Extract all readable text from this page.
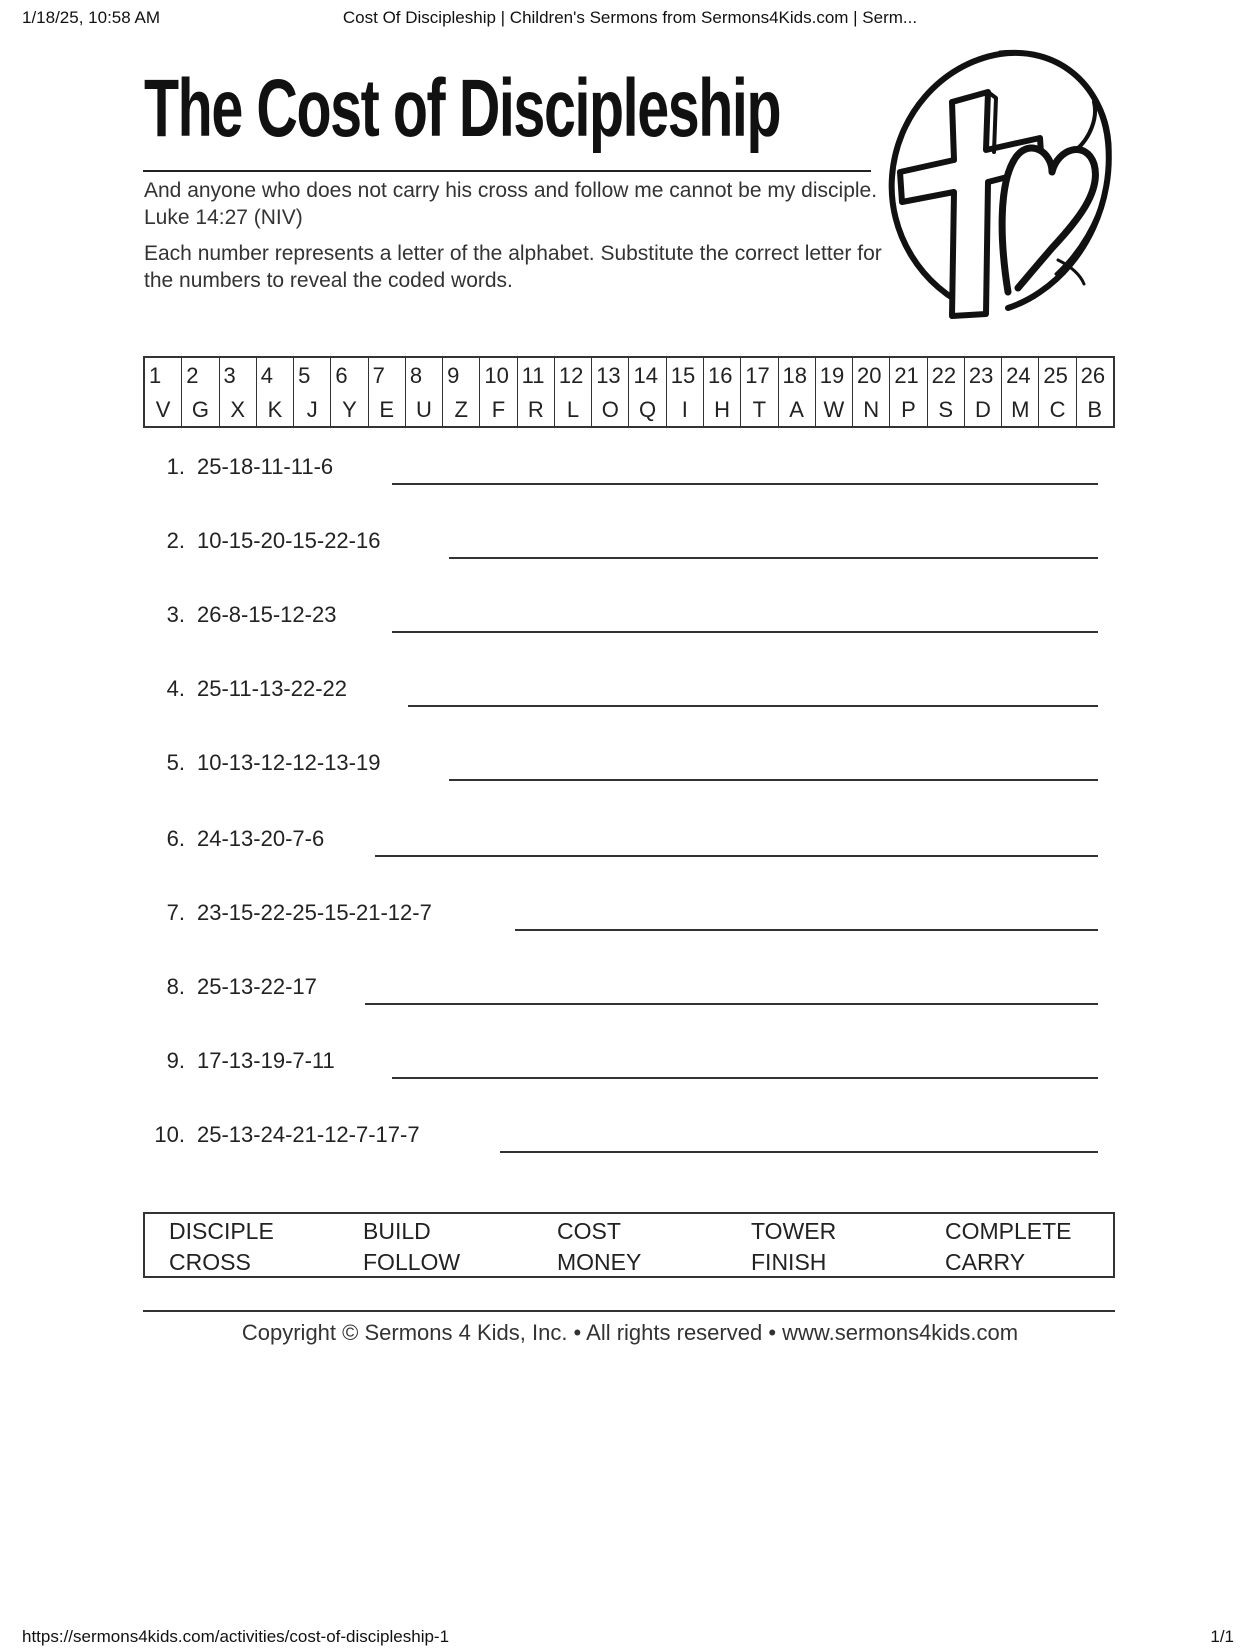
1/18/25, 10:58 AM	Cost Of Discipleship | Children's Sermons from Sermons4Kids.com | Serm...
The Cost of Discipleship
And anyone who does not carry his cross and follow me cannot be my disciple. Luke 14:27 (NIV)
Each number represents a letter of the alphabet. Substitute the correct letter for the numbers to reveal the coded words.
1
V
2
G
3
X
4
K
5
J
6
Y
7
E
8
U
9
Z
10
F
11
R
12
L
13
O
14
Q
15
I
16
H
17
T
18
A
19
W
20
N
21
P
22
S
23
D
24
M
25
C
26
B
1. 25-18-11-11-6
2. 10-15-20-15-22-16
3. 26-8-15-12-23
4. 25-11-13-22-22
5. 10-13-12-12-13-19
6. 24-13-20-7-6
7. 23-15-22-25-15-21-12-7
8. 25-13-22-17
9. 17-13-19-7-11
10. 25-13-24-21-12-7-17-7
DISCIPLE
CROSS
BUILD
FOLLOW
COST
MONEY
TOWER
FINISH
COMPLETE
CARRY
Copyright © Sermons 4 Kids, Inc. • All rights reserved • www.sermons4kids.com
https://sermons4kids.com/activities/cost-of-discipleship-1	1/1
